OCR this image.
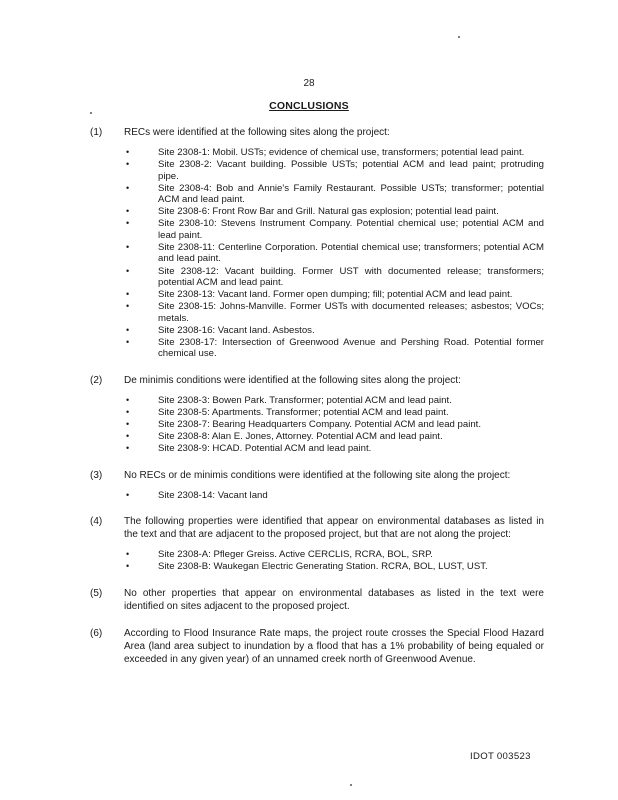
28
CONCLUSIONS
(1) RECs were identified at the following sites along the project:
•	Site 2308-1: Mobil. USTs; evidence of chemical use, transformers; potential lead paint.
•	Site 2308-2: Vacant building. Possible USTs; potential ACM and lead paint; protruding pipe.
•	Site 2308-4: Bob and Annie's Family Restaurant. Possible USTs; transformer; potential ACM and lead paint.
•	Site 2308-6: Front Row Bar and Grill. Natural gas explosion; potential lead paint.
•	Site 2308-10: Stevens Instrument Company. Potential chemical use; potential ACM and lead paint.
•	Site 2308-11: Centerline Corporation. Potential chemical use; transformers; potential ACM and lead paint.
•	Site 2308-12: Vacant building. Former UST with documented release; transformers; potential ACM and lead paint.
•	Site 2308-13: Vacant land. Former open dumping; fill; potential ACM and lead paint.
•	Site 2308-15: Johns-Manville. Former USTs with documented releases; asbestos; VOCs; metals.
•	Site 2308-16: Vacant land. Asbestos.
•	Site 2308-17: Intersection of Greenwood Avenue and Pershing Road. Potential former chemical use.
(2) De minimis conditions were identified at the following sites along the project:
•	Site 2308-3: Bowen Park. Transformer; potential ACM and lead paint.
•	Site 2308-5: Apartments. Transformer; potential ACM and lead paint.
•	Site 2308-7: Bearing Headquarters Company. Potential ACM and lead paint.
•	Site 2308-8: Alan E. Jones, Attorney. Potential ACM and lead paint.
•	Site 2308-9: HCAD. Potential ACM and lead paint.
(3) No RECs or de minimis conditions were identified at the following site along the project:
•	Site 2308-14: Vacant land
(4) The following properties were identified that appear on environmental databases as listed in the text and that are adjacent to the proposed project, but that are not along the project:
•	Site 2308-A: Pfleger Greiss. Active CERCLIS, RCRA, BOL, SRP.
•	Site 2308-B: Waukegan Electric Generating Station. RCRA, BOL, LUST, UST.
(5) No other properties that appear on environmental databases as listed in the text were identified on sites adjacent to the proposed project.
(6) According to Flood Insurance Rate maps, the project route crosses the Special Flood Hazard Area (land area subject to inundation by a flood that has a 1% probability of being equaled or exceeded in any given year) of an unnamed creek north of Greenwood Avenue.
IDOT 003523
